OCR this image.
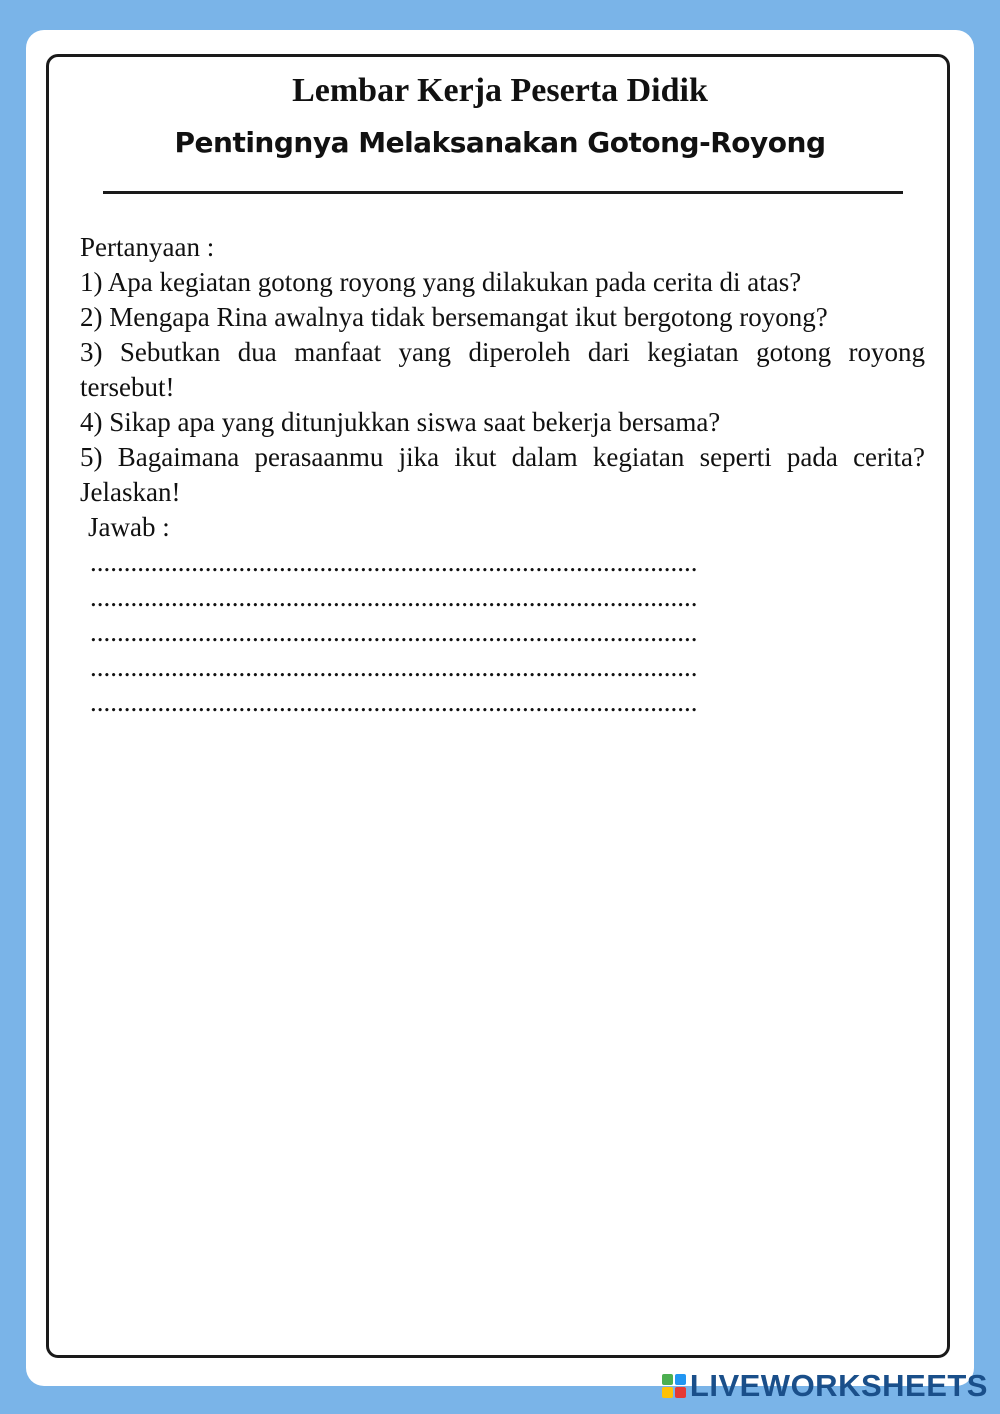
Lembar Kerja Peserta Didik
Pentingnya Melaksanakan Gotong-Royong

Pertanyaan :

1) Apa kegiatan gotong royong yang dilakukan pada cerita di atas?

2) Mengapa Rina awalnya tidak bersemangat ikut bergotong royong?

3) Sebutkan dua manfaat yang diperoleh dari kegiatan gotong royong tersebut!

4) Sikap apa yang ditunjukkan siswa saat bekerja bersama?

5) Bagaimana perasaanmu jika ikut dalam kegiatan seperti pada cerita? Jelaskan!

Jawab :

..........................................................................................

..........................................................................................

..........................................................................................

..........................................................................................

..........................................................................................

LIVEWORKSHEETS
